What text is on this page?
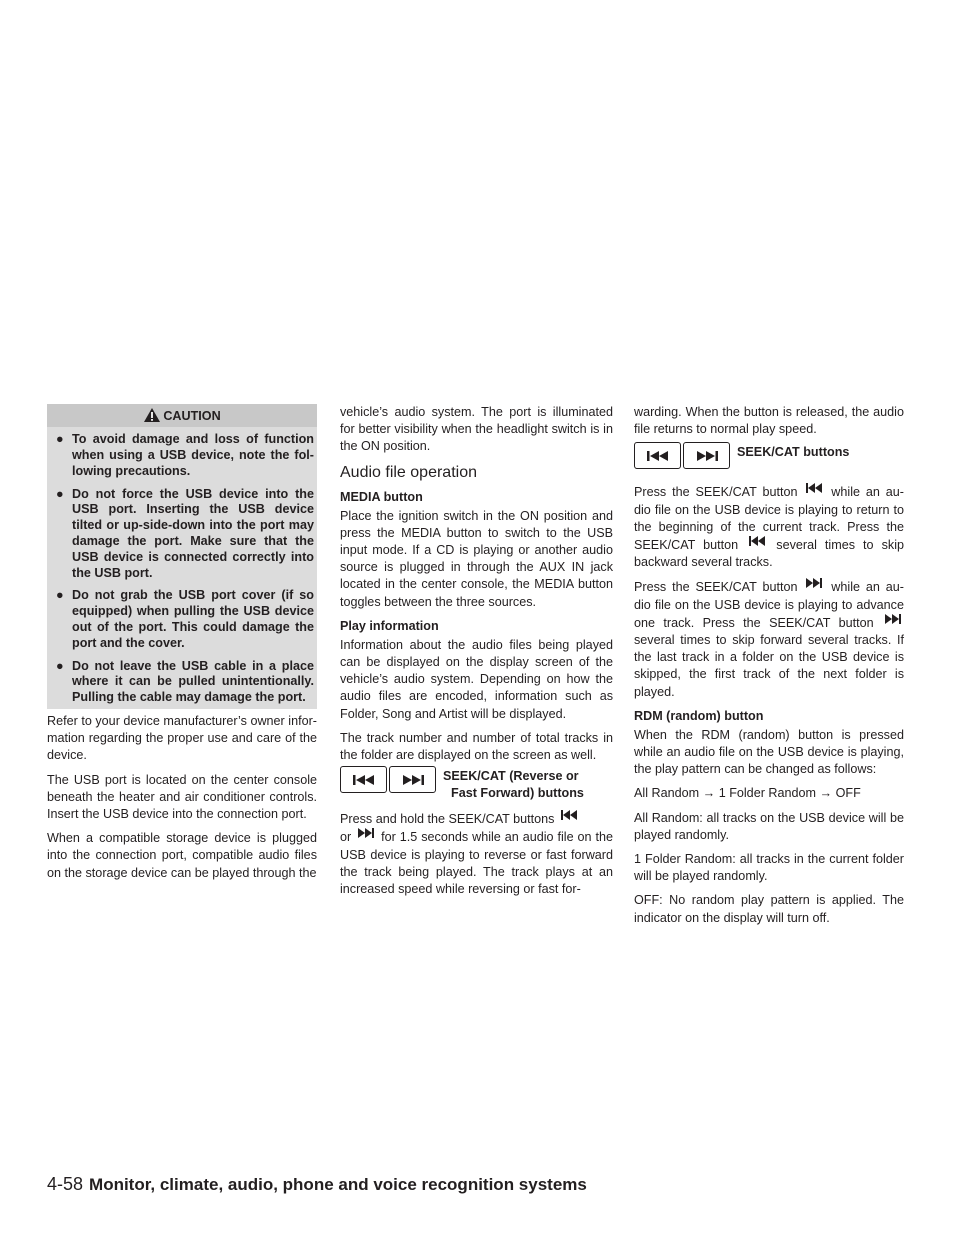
CAUTION
● To avoid damage and loss of function when using a USB device, note the fol-lowing precautions.
● Do not force the USB device into the USB port. Inserting the USB device tilted or up-side-down into the port may damage the port. Make sure that the USB device is connected correctly into the USB port.
● Do not grab the USB port cover (if so equipped) when pulling the USB device out of the port. This could damage the port and the cover.
● Do not leave the USB cable in a place where it can be pulled unintentionally. Pulling the cable may damage the port.

Refer to your device manufacturer’s owner infor-mation regarding the proper use and care of the device.

The USB port is located on the center console beneath the heater and air conditioner controls. Insert the USB device into the connection port.

When a compatible storage device is plugged into the connection port, compatible audio files on the storage device can be played through the

vehicle’s audio system. The port is illuminated for better visibility when the headlight switch is in the ON position.

Audio file operation
MEDIA button

Place the ignition switch in the ON position and press the MEDIA button to switch to the USB input mode. If a CD is playing or another audio source is plugged in through the AUX IN jack located in the center console, the MEDIA button toggles between the three sources.

Play information

Information about the audio files being played can be displayed on the display screen of the vehicle’s audio system. Depending on how the audio files are encoded, information such as Folder, Song and Artist will be displayed.

The track number and number of total tracks in the folder are displayed on the screen as well.

SEEK/CAT (Reverse or
Fast Forward) buttons

Press and hold the SEEK/CAT buttons
or for 1.5 seconds while an audio file on the USB device is playing to reverse or fast forward the track being played. The track plays at an increased speed while reversing or fast for-

warding. When the button is released, the audio file returns to normal play speed.

SEEK/CAT buttons

Press the SEEK/CAT button	while an au-dio file on the USB device is playing to return to the beginning of the current track. Press the SEEK/CAT button	several times to skip backward several tracks.

Press the SEEK/CAT button	while an au-dio file on the USB device is playing to advance one track. Press the SEEK/CAT button  several times to skip forward several tracks. If the last track in a folder on the USB device is skipped, the first track of the next folder is played.

RDM (random) button

When the RDM (random) button is pressed while an audio file on the USB device is playing, the play pattern can be changed as follows:

All Random → 1 Folder Random → OFF

All Random: all tracks on the USB device will be played randomly.

1 Folder Random: all tracks in the current folder will be played randomly.

OFF: No random play pattern is applied. The indicator on the display will turn off.

4-58 Monitor, climate, audio, phone and voice recognition systems
